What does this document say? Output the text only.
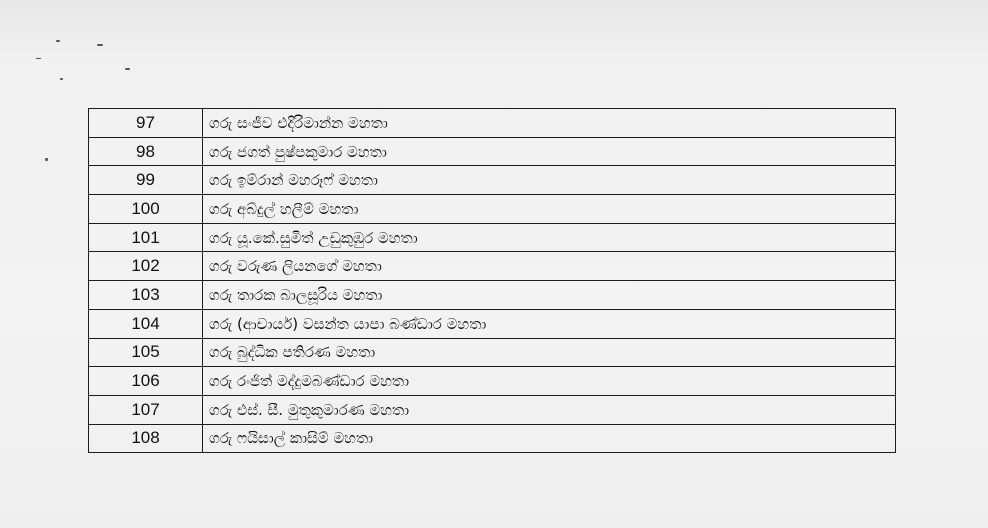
97	ගරු සංජීව එදිරිමාන්න මහතා
98	ගරු ජගත් පුෂ්පකුමාර මහතා
99	ගරු ඉම්රාන් මහරූෆ් මහතා
100	ගරු අබ්දුල් හලීම් මහතා
101	ගරු යූ.කේ.සුමිත් උඩුකුඹුර මහතා
102	ගරු වරුණ ලියනගේ මහතා
103	ගරු තාරක බාලසූරිය මහතා
104	ගරු (ආචාර්ය) වසන්ත යාපා බණ්ඩාර මහතා
105	ගරු බුද්ධික පතිරණ මහතා
106	ගරු රංජිත් මද්දුමබණ්ඩාර මහතා
107	ගරු එස්. සී. මුතුකුමාරණ මහතා
108	ගරු ෆයිසාල් කාසිම් මහතා
